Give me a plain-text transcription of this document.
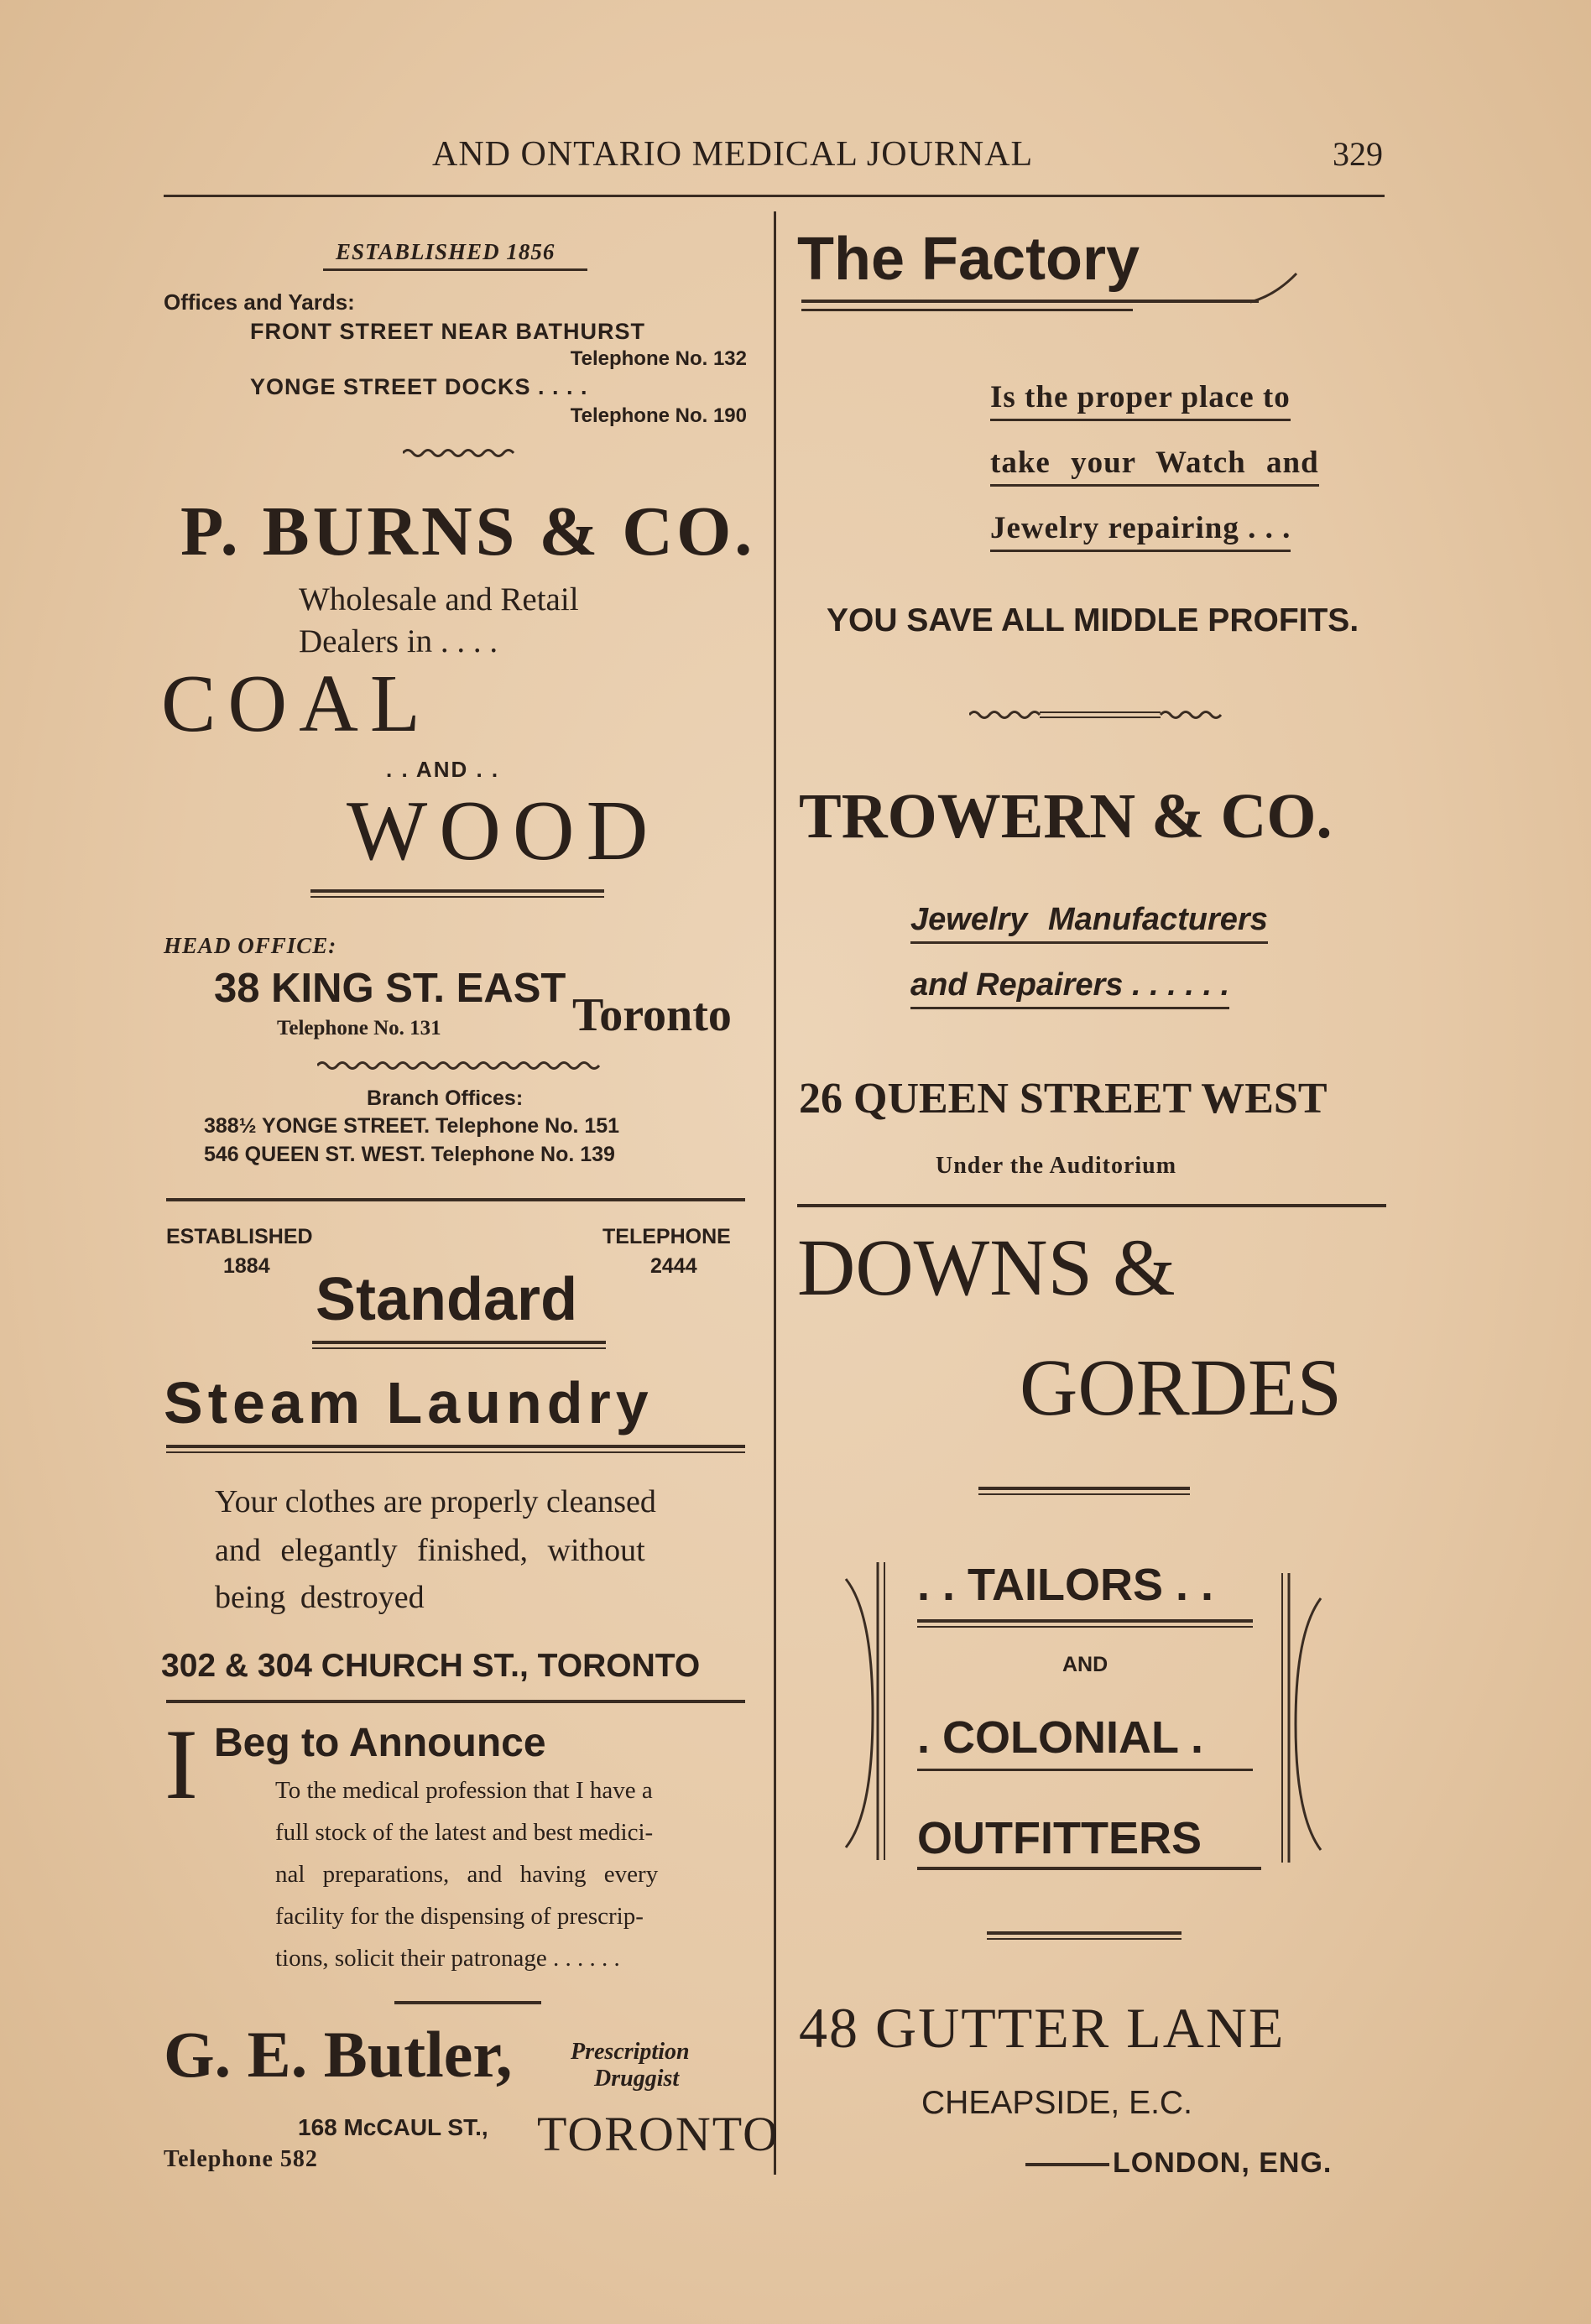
AND ONTARIO MEDICAL JOURNAL	329
ESTABLISHED 1856
Offices and Yards:
FRONT STREET NEAR BATHURST
Telephone No. 132
YONGE STREET DOCKS . . . .
Telephone No. 190
P. BURNS & CO.
Wholesale and Retail
Dealers in . . . .
COAL
. . AND . .
WOOD
HEAD OFFICE:
38 KING ST. EAST
Telephone No. 131	Toronto
Branch Offices:
388½ YONGE STREET. Telephone No. 151
546 QUEEN ST. WEST. Telephone No. 139
ESTABLISHED
1884
TELEPHONE
2444
Standard
Steam Laundry
Your clothes are properly cleansed
and elegantly finished, without
being destroyed
302 & 304 CHURCH ST., TORONTO
I Beg to Announce
To the medical profession that I have a
full stock of the latest and best medici-
nal preparations, and having every
facility for the dispensing of prescrip-
tions, solicit their patronage . . . . . .
G. E. Butler, Prescription
Druggist
168 McCAUL ST.,
Telephone 582	TORONTO
The Factory
Is the proper place to
take your Watch and
Jewelry repairing . . .
YOU SAVE ALL MIDDLE PROFITS.
TROWERN & CO.
Jewelry Manufacturers
and Repairers . . . . . .
26 QUEEN STREET WEST
Under the Auditorium
DOWNS &
GORDES
. . TAILORS . .
AND
. COLONIAL .
OUTFITTERS
48 GUTTER LANE
CHEAPSIDE, E.C.
LONDON, ENG.
